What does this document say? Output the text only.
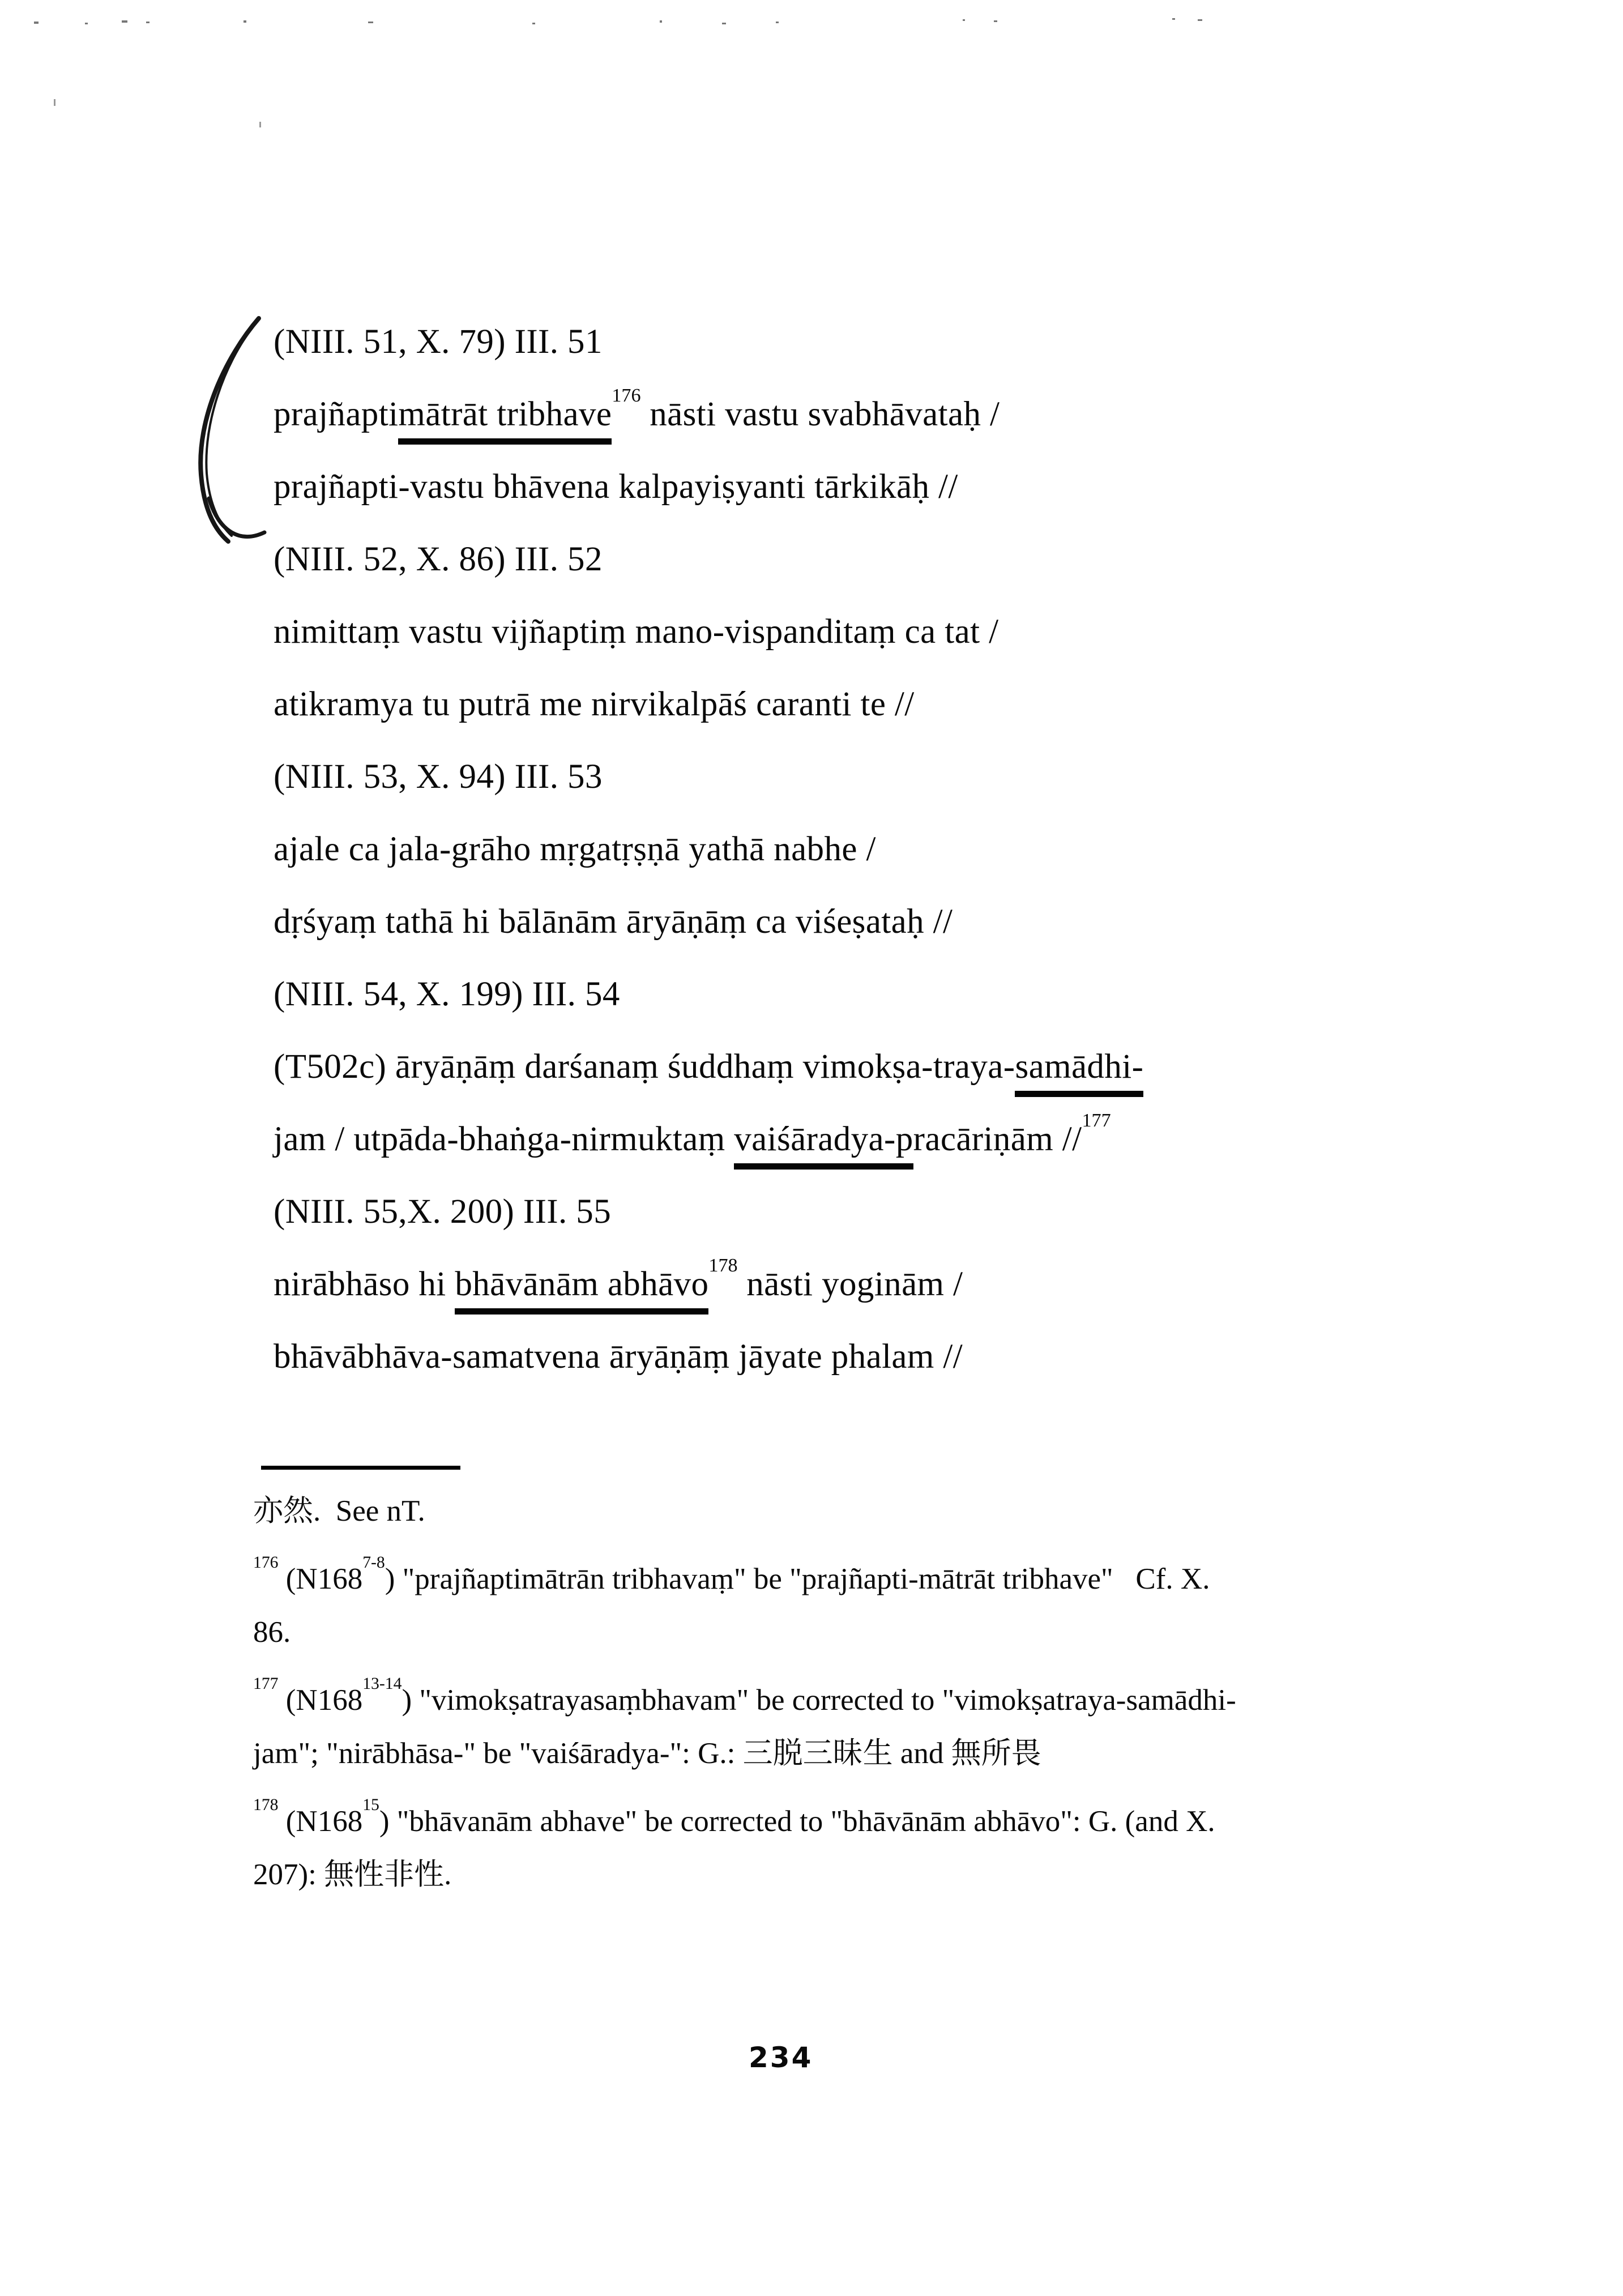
(NIII. 51, X. 79) III. 51

prajñaptimātrāt tribhave$^{176}$ nāsti vastu svabhāvataḥ /

prajñapti-vastu bhāvena kalpayiṣyanti tārkikāḥ //

(NIII. 52, X. 86) III. 52

nimittaṃ vastu vijñaptiṃ mano-vispanditaṃ ca tat /

atikramya tu putrā me nirvikalpāś caranti te //

(NIII. 53, X. 94) III. 53

ajale ca jala-grāho mṛgatṛṣṇā yathā nabhe /

dṛśyaṃ tathā hi bālānām āryāṇāṃ ca viśeṣataḥ //

(NIII. 54, X. 199) III. 54

(T502c) āryāṇāṃ darśanaṃ śuddhaṃ vimokṣa-traya-samādhi-

jam / utpāda-bhaṅga-nirmuktaṃ vaiśāradya-pracāriṇām //$^{177}$

(NIII. 55,X. 200) III. 55

nirābhāso hi bhāvānām abhāvo$^{178}$ nāsti yoginām /

bhāvābhāva-samatvena āryāṇāṃ jāyate phalam //

亦然.  See nT.

$^{176}$ (N168$^{7-8}$) "prajñaptimātrān tribhavaṃ" be "prajñapti-mātrāt tribhave"   Cf. X.

86.

$^{177}$ (N168$^{13-14}$) "vimokṣatrayasaṃbhavam" be corrected to "vimokṣatraya-samādhi-

jam"; "nirābhāsa-" be "vaiśāradya-": G.: 三脱三昧生 and 無所畏

$^{178}$ (N168$^{15}$) "bhāvanām abhave" be corrected to "bhāvānām abhāvo": G. (and X.

207): 無性非性.

234
